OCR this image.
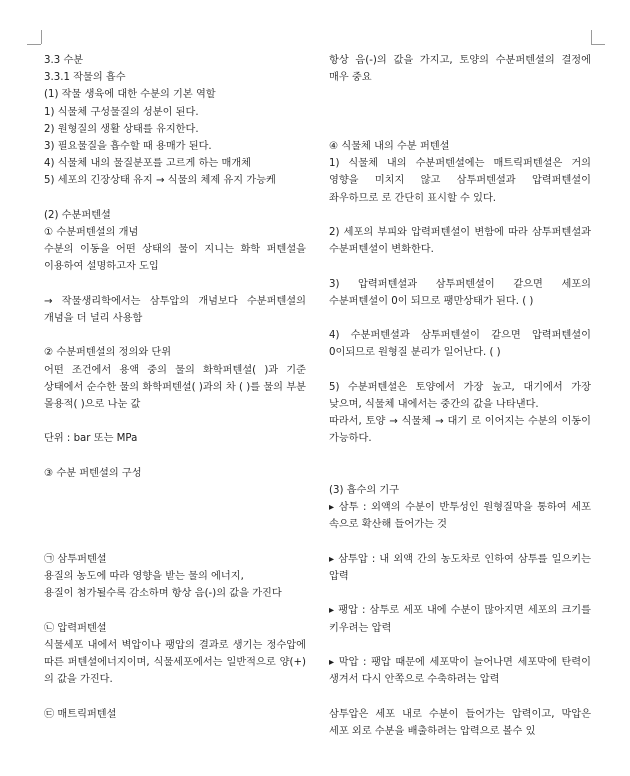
3.3 수분

3.3.1 작물의 흡수

(1) 작물 생육에 대한 수분의 기본 역할

1) 식물체 구성물질의 성분이 된다.

2) 원형질의 생활 상태를 유지한다.

3) 필요물질을 흡수할 때 용매가 된다.

4) 식물체 내의 물질분포를 고르게 하는 매개체

5) 세포의 긴장상태 유지 → 식물의 체제 유지 가능케

(2) 수분퍼텐셜

① 수분퍼텐셜의 개념

수분의 이동을 어떤 상태의 물이 지니는 화학 퍼텐셜을 이용하여 설명하고자 도입

→ 작물생리학에서는 삼투압의 개념보다 수분퍼텐셜의 개념을 더 널리 사용함

② 수분퍼텐셜의 정의와 단위

어떤 조건에서 용액 중의 물의 화학퍼텐셜( )과 기준 상태에서 순수한 물의 화학퍼텐셜( )과의 차 ( )를 물의 부분 몰용적( )으로 나눈 값

단위 : bar 또는 MPa

③ 수분 퍼텐셜의 구성

㉠ 삼투퍼텐셜

용질의 농도에 따라 영향을 받는 물의 에너지,

용질이 첨가될수록 감소하며 항상 음(-)의 값을 가진다

㉡ 압력퍼텐셜

식물세포 내에서 벽압이나 팽압의 결과로 생기는 정수압에 따른 퍼텐셜에너지이며, 식물세포에서는 일반적으로 양(+) 의 값을 가진다.

㉢ 매트릭퍼텐셜

항상 음(-)의 값을 가지고, 토양의 수분퍼텐셜의 결정에 매우 중요

④ 식물체 내의 수분 퍼텐셜

1) 식물체 내의 수분퍼텐셜에는 매트릭퍼텐셜은 거의 영향을 미치지 않고 삼투퍼텐셜과 압력퍼텐셜이 좌우하므로 로 간단히 표시할 수 있다.

2) 세포의 부피와 압력퍼텐셜이 변함에 따라 삼투퍼텐셜과 수분퍼텐셜이 변화한다.

3) 압력퍼텐셜과 삼투퍼텐셜이 같으면 세포의 수분퍼텐셜이 0이 되므로 팽만상태가 된다. ( )

4) 수분퍼텐셜과 삼투퍼텐셜이 같으면 압력퍼텐셜이 0이되므로 원형질 분리가 일어난다. ( )

5) 수분퍼텐셜은 토양에서 가장 높고, 대기에서 가장 낮으며, 식물체 내에서는 중간의 값을 나타낸다.

따라서, 토양 → 식물체 → 대기 로 이어지는 수분의 이동이 가능하다.

(3) 흡수의 기구

▸ 삼투 : 외액의 수분이 반투성인 원형질막을 통하여 세포 속으로 확산해 들어가는 것

▸ 삼투압 : 내 외액 간의 농도차로 인하여 삼투를 일으키는 압력

▸ 팽압 : 삼투로 세포 내에 수분이 많아지면 세포의 크기를 키우려는 압력

▸ 막압 : 팽압 때문에 세포막이 늘어나면 세포막에 탄력이 생겨서 다시 안쪽으로 수축하려는 압력

삼투압은 세포 내로 수분이 들어가는 압력이고, 막압은 세포 외로 수분을 배출하려는 압력으로 볼수 있
